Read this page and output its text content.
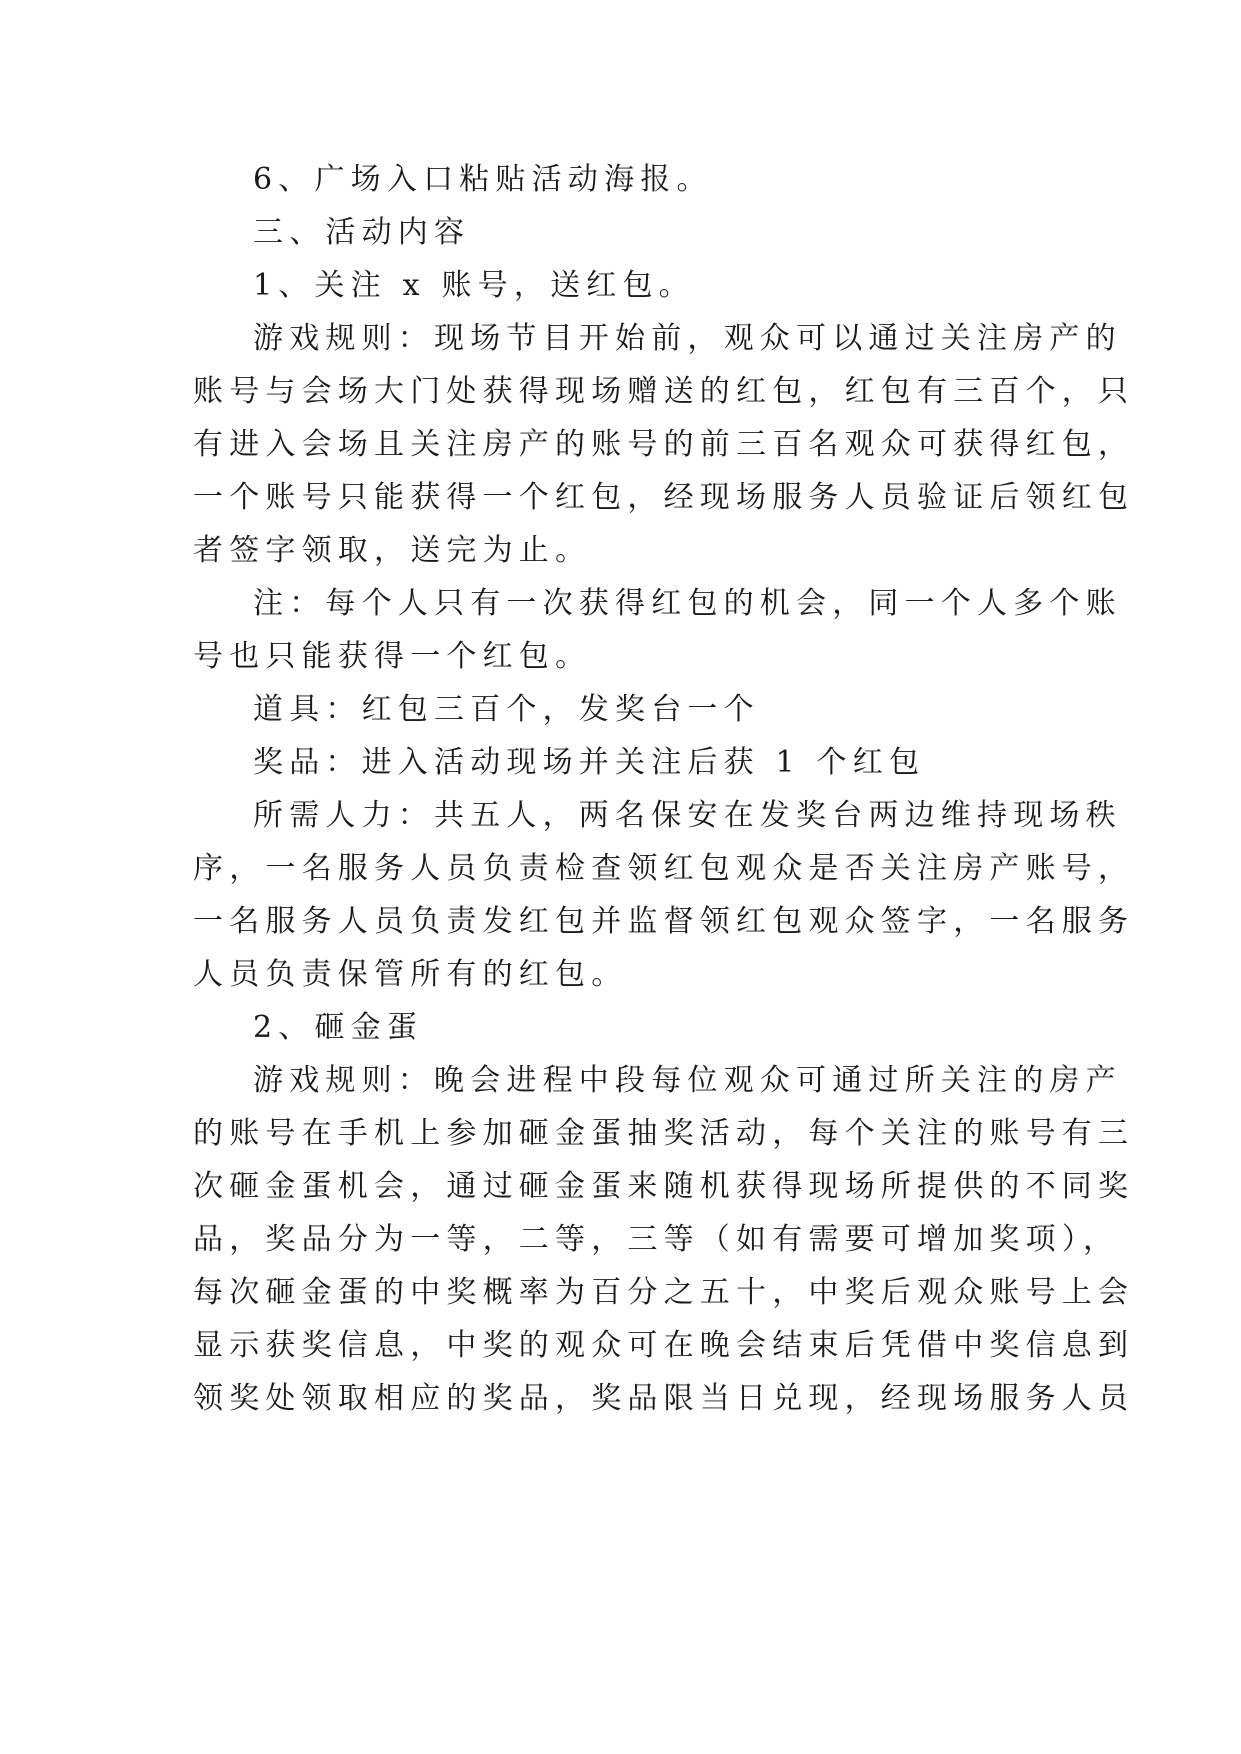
6、广场入口粘贴活动海报。
三、活动内容
1、关注 x 账号，送红包。
游戏规则：现场节目开始前，观众可以通过关注房产的
账号与会场大门处获得现场赠送的红包，红包有三百个，只
有进入会场且关注房产的账号的前三百名观众可获得红包，
一个账号只能获得一个红包，经现场服务人员验证后领红包
者签字领取，送完为止。
注：每个人只有一次获得红包的机会，同一个人多个账
号也只能获得一个红包。
道具：红包三百个，发奖台一个
奖品：进入活动现场并关注后获 1 个红包
所需人力：共五人，两名保安在发奖台两边维持现场秩
序，一名服务人员负责检查领红包观众是否关注房产账号，
一名服务人员负责发红包并监督领红包观众签字，一名服务
人员负责保管所有的红包。
2、砸金蛋
游戏规则：晚会进程中段每位观众可通过所关注的房产
的账号在手机上参加砸金蛋抽奖活动，每个关注的账号有三
次砸金蛋机会，通过砸金蛋来随机获得现场所提供的不同奖
品，奖品分为一等，二等，三等（如有需要可增加奖项），
每次砸金蛋的中奖概率为百分之五十，中奖后观众账号上会
显示获奖信息，中奖的观众可在晚会结束后凭借中奖信息到
领奖处领取相应的奖品，奖品限当日兑现，经现场服务人员
